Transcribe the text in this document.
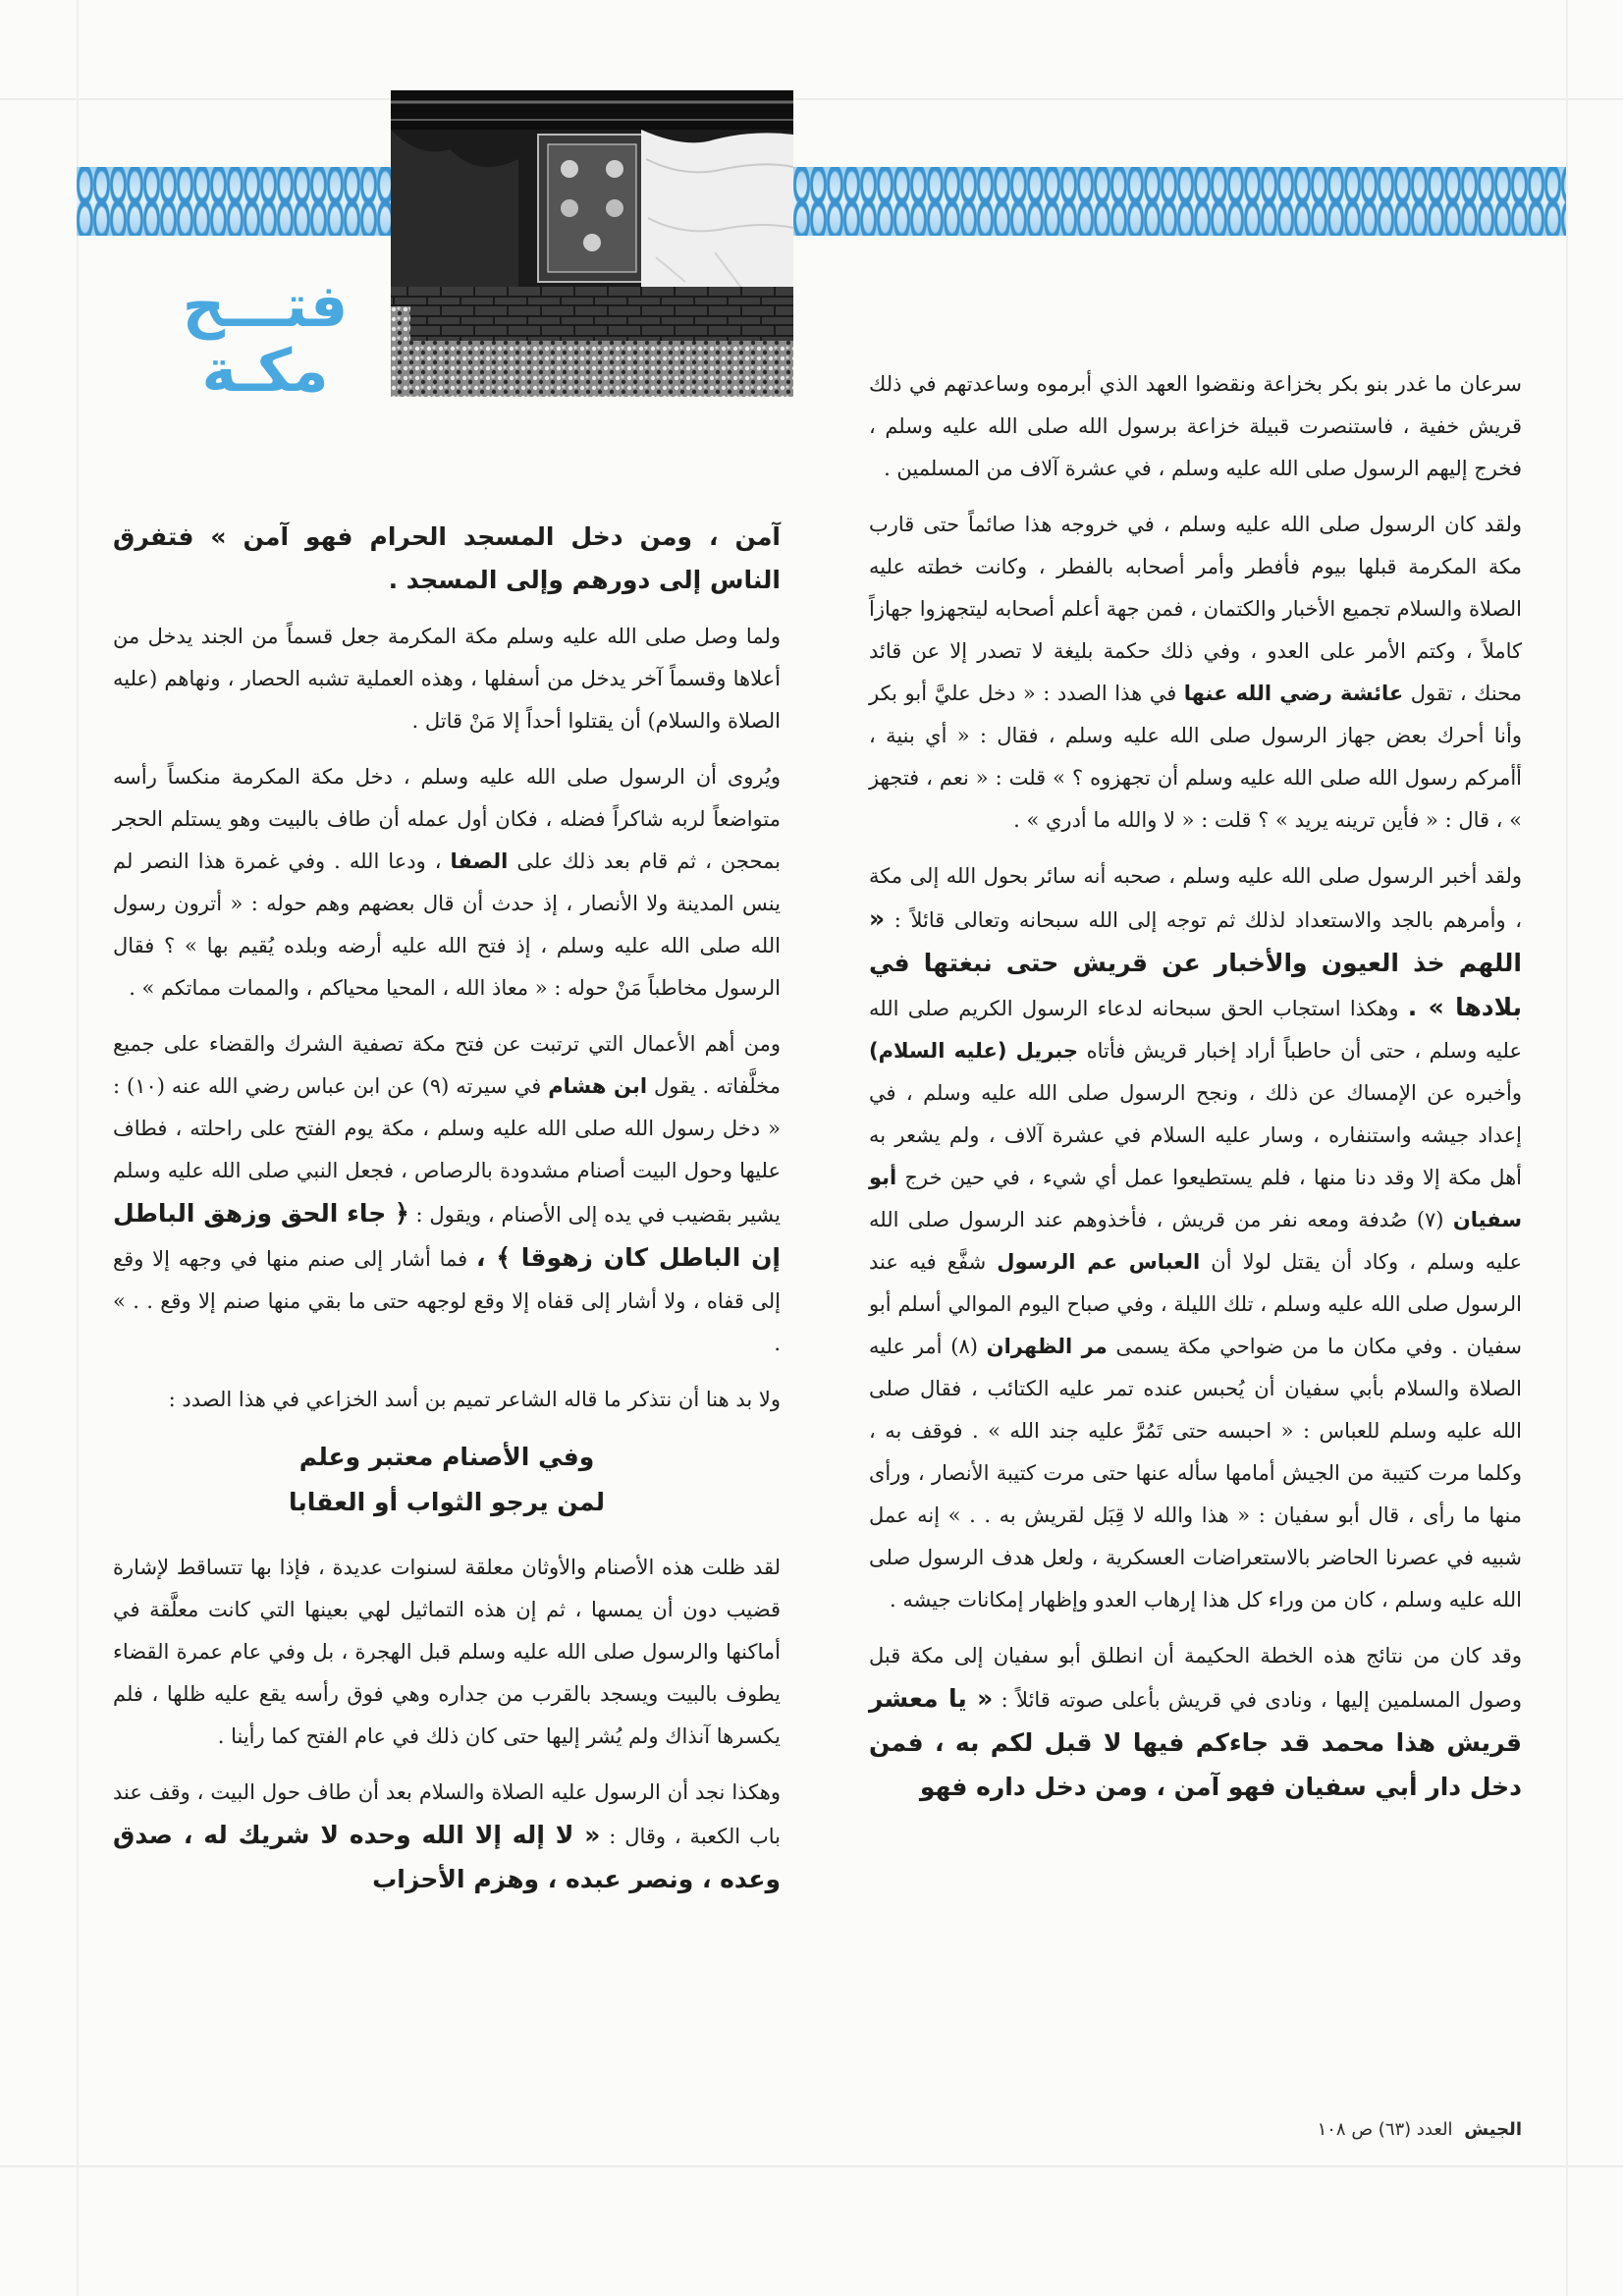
فتـــح
مكـة	سرعان ما غدر بنو بكر بخزاعة ونقضوا العهد الذي أبرموه وساعدتهم في ذلك قريش خفية ، فاستنصرت قبيلة خزاعة برسول الله صلى الله عليه وسلم ، فخرج إليهم الرسول صلى الله عليه وسلم ، في عشرة آلاف من المسلمين .

ولقد كان الرسول صلى الله عليه وسلم ، في خروجه هذا صائماً حتى قارب مكة المكرمة قبلها بيوم فأفطر وأمر أصحابه بالفطر ، وكانت خطته عليه الصلاة والسلام تجميع الأخبار والكتمان ، فمن جهة أعلم أصحابه ليتجهزوا جهازاً كاملاً ، وكتم الأمر على العدو ، وفي ذلك حكمة بليغة لا تصدر إلا عن قائد محنك ، تقول عائشة رضي الله عنها في هذا الصدد : « دخل عليَّ أبو بكر وأنا أحرك بعض جهاز الرسول صلى الله عليه وسلم ، فقال : « أي بنية ، أأمركم رسول الله صلى الله عليه وسلم أن تجهزوه ؟ » قلت : « نعم ، فتجهز » ، قال : « فأين ترينه يريد » ؟ قلت : « لا والله ما أدري » .

ولقد أخبر الرسول صلى الله عليه وسلم ، صحبه أنه سائر بحول الله إلى مكة ، وأمرهم بالجد والاستعداد لذلك ثم توجه إلى الله سبحانه وتعالى قائلاً : « اللهم خذ العيون والأخبار عن قريش حتى نبغتها في بلادها » . وهكذا استجاب الحق سبحانه لدعاء الرسول الكريم صلى الله عليه وسلم ، حتى أن حاطباً أراد إخبار قريش فأتاه جبريل (عليه السلام) وأخبره عن الإمساك عن ذلك ، ونجح الرسول صلى الله عليه وسلم ، في إعداد جيشه واستنفاره ، وسار عليه السلام في عشرة آلاف ، ولم يشعر به أهل مكة إلا وقد دنا منها ، فلم يستطيعوا عمل أي شيء ، في حين خرج أبو سفيان (٧) صُدفة ومعه نفر من قريش ، فأخذوهم عند الرسول صلى الله عليه وسلم ، وكاد أن يقتل لولا أن العباس عم الرسول شفَّع فيه عند الرسول صلى الله عليه وسلم ، تلك الليلة ، وفي صباح اليوم الموالي أسلم أبو سفيان . وفي مكان ما من ضواحي مكة يسمى مر الظهران (٨) أمر عليه الصلاة والسلام بأبي سفيان أن يُحبس عنده تمر عليه الكتائب ، فقال صلى الله عليه وسلم للعباس : « احبسه حتى تَمُرَّ عليه جند الله » . فوقف به ، وكلما مرت كتيبة من الجيش أمامها سأله عنها حتى مرت كتيبة الأنصار ، ورأى منها ما رأى ، قال أبو سفيان : « هذا والله لا قِبَل لقريش به . . » إنه عمل شبيه في عصرنا الحاضر بالاستعراضات العسكرية ، ولعل هدف الرسول صلى الله عليه وسلم ، كان من وراء كل هذا إرهاب العدو وإظهار إمكانات جيشه .

وقد كان من نتائج هذه الخطة الحكيمة أن انطلق أبو سفيان إلى مكة قبل وصول المسلمين إليها ، ونادى في قريش بأعلى صوته قائلاً : « يا معشر قريش هذا محمد قد جاءكم فيها لا قبل لكم به ، فمن دخل دار أبي سفيان فهو آمن ، ومن دخل داره فهو

آمن ، ومن دخل المسجد الحرام فهو آمن » فتفرق الناس إلى دورهم وإلى المسجد .

ولما وصل صلى الله عليه وسلم مكة المكرمة جعل قسماً من الجند يدخل من أعلاها وقسماً آخر يدخل من أسفلها ، وهذه العملية تشبه الحصار ، ونهاهم (عليه الصلاة والسلام) أن يقتلوا أحداً إلا مَنْ قاتل .

ويُروى أن الرسول صلى الله عليه وسلم ، دخل مكة المكرمة منكساً رأسه متواضعاً لربه شاكراً فضله ، فكان أول عمله أن طاف بالبيت وهو يستلم الحجر بمحجن ، ثم قام بعد ذلك على الصفا ، ودعا الله . وفي غمرة هذا النصر لم ينس المدينة ولا الأنصار ، إذ حدث أن قال بعضهم وهم حوله : « أترون رسول الله صلى الله عليه وسلم ، إذ فتح الله عليه أرضه وبلده يُقيم بها » ؟ فقال الرسول مخاطباً مَنْ حوله : « معاذ الله ، المحيا محياكم ، والممات مماتكم » .

ومن أهم الأعمال التي ترتبت عن فتح مكة تصفية الشرك والقضاء على جميع مخلَّفاته . يقول ابن هشام في سيرته (٩) عن ابن عباس رضي الله عنه (١٠) : « دخل رسول الله صلى الله عليه وسلم ، مكة يوم الفتح على راحلته ، فطاف عليها وحول البيت أصنام مشدودة بالرصاص ، فجعل النبي صلى الله عليه وسلم يشير بقضيب في يده إلى الأصنام ، ويقول : ﴿ جاء الحق وزهق الباطل إن الباطل كان زهوقا ﴾ ، فما أشار إلى صنم منها في وجهه إلا وقع إلى قفاه ، ولا أشار إلى قفاه إلا وقع لوجهه حتى ما بقي منها صنم إلا وقع . . » .

ولا بد هنا أن نتذكر ما قاله الشاعر تميم بن أسد الخزاعي في هذا الصدد :

وفي الأصنام معتبر وعلم
لمن يرجو الثواب أو العقابا

لقد ظلت هذه الأصنام والأوثان معلقة لسنوات عديدة ، فإذا بها تتساقط لإشارة قضيب دون أن يمسها ، ثم إن هذه التماثيل لهي بعينها التي كانت معلَّقة في أماكنها والرسول صلى الله عليه وسلم قبل الهجرة ، بل وفي عام عمرة القضاء يطوف بالبيت ويسجد بالقرب من جداره وهي فوق رأسه يقع عليه ظلها ، فلم يكسرها آنذاك ولم يُشر إليها حتى كان ذلك في عام الفتح كما رأينا .

وهكذا نجد أن الرسول عليه الصلاة والسلام بعد أن طاف حول البيت ، وقف عند باب الكعبة ، وقال : « لا إله إلا الله وحده لا شريك له ، صدق وعده ، ونصر عبده ، وهزم الأحزاب

الجيش العدد (٦٣) ص ١٠٨
